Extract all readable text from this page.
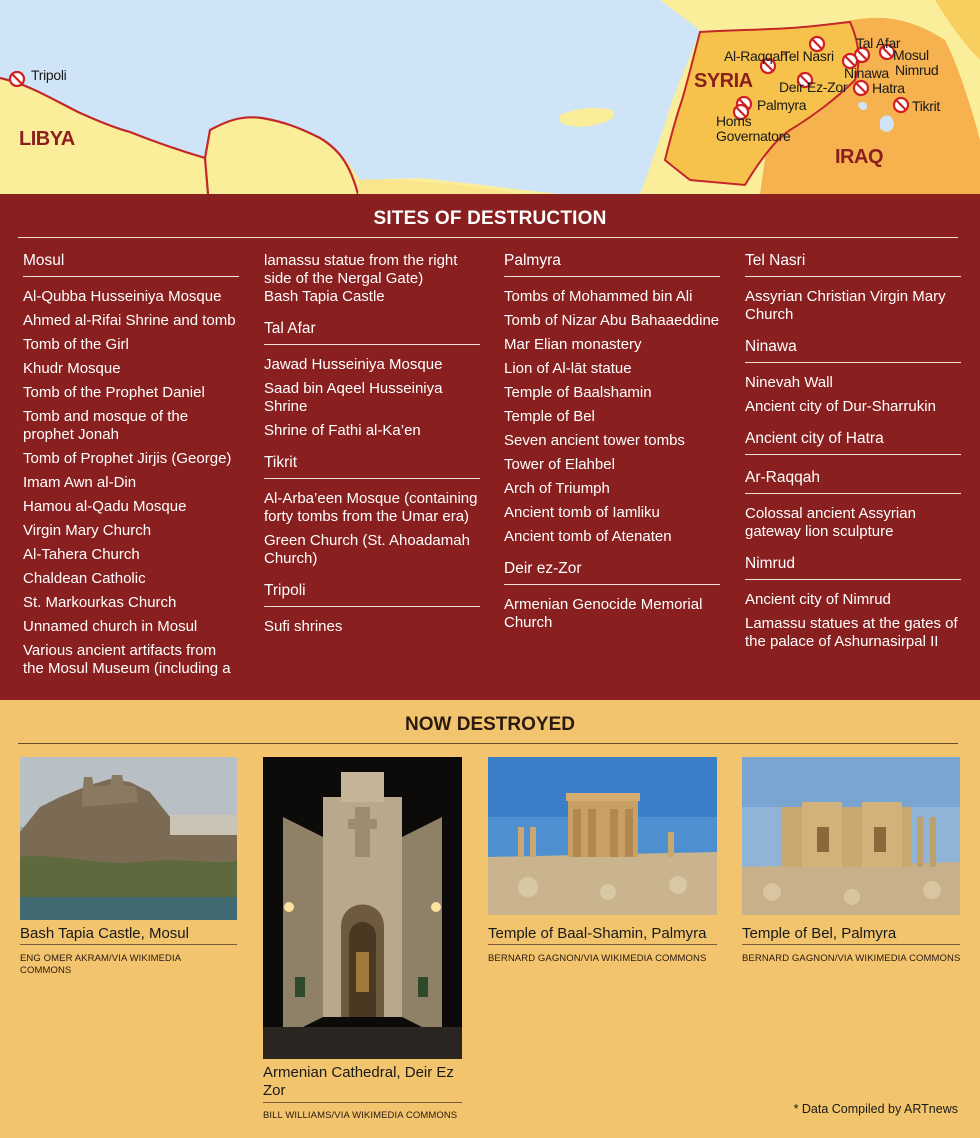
Tripoli
LIBYA
SYRIA
IRAQ
Al-Raqqah
Tel Nasri
Tal Afar
Mosul
Ninawa Nimrud
Deir Ez-Zor Hatra
Palmyra
Homs
Governatore
Tikrit
SITES OF DESTRUCTION
Mosul
Al-Qubba Husseiniya Mosque
Ahmed al-Rifai Shrine and tomb
Tomb of the Girl
Khudr Mosque
Tomb of the Prophet Daniel
Tomb and mosque of the prophet Jonah
Tomb of Prophet Jirjis (George)
Imam Awn al-Din
Hamou al-Qadu Mosque
Virgin Mary Church
Al-Tahera Church
Chaldean Catholic
St. Markourkas Church
Unnamed church in Mosul
Various ancient artifacts from the Mosul Museum (including a
lamassu statue from the right side of the Nergal Gate)
Bash Tapia Castle
Tal Afar
Jawad Husseiniya Mosque
Saad bin Aqeel Husseiniya Shrine
Shrine of Fathi al-Ka’en
Tikrit
Al-Arba’een Mosque (containing forty tombs from the Umar era)
Green Church (St. Ahoadamah Church)
Tripoli
Sufi shrines
Palmyra
Tombs of Mohammed bin Ali
Tomb of Nizar Abu Bahaaeddine
Mar Elian monastery
Lion of Al-lāt statue
Temple of Baalshamin
Temple of Bel
Seven ancient tower tombs
Tower of Elahbel
Arch of Triumph
Ancient tomb of Iamliku
Ancient tomb of Atenaten
Deir ez-Zor
Armenian Genocide Memorial Church
Tel Nasri
Assyrian Christian Virgin Mary Church
Ninawa
Ninevah Wall
Ancient city of Dur-Sharrukin
Ancient city of Hatra
Ar-Raqqah
Colossal ancient Assyrian gateway lion sculpture
Nimrud
Ancient city of Nimrud
Lamassu statues at the gates of the palace of Ashurnasirpal II
NOW DESTROYED
Bash Tapia Castle, Mosul
ENG OMER AKRAM/VIA WIKIMEDIA COMMONS
Armenian Cathedral, Deir Ez Zor
BILL WILLIAMS/VIA WIKIMEDIA COMMONS
Temple of Baal-Shamin, Palmyra
BERNARD GAGNON/VIA WIKIMEDIA COMMONS
Temple of Bel, Palmyra
BERNARD GAGNON/VIA WIKIMEDIA COMMONS
* Data Compiled by ARTnews
